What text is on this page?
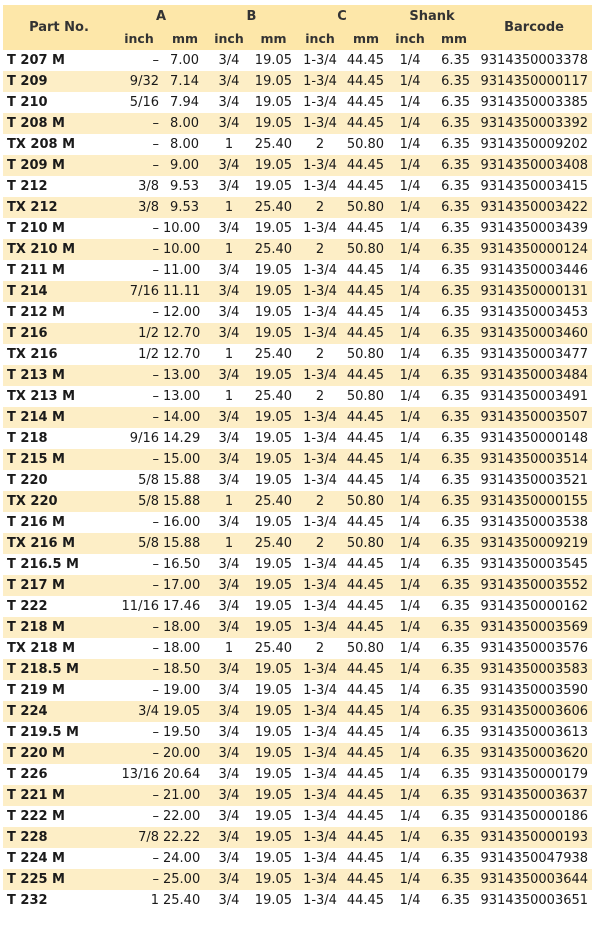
Part No.	A		B		C		Shank		Barcode
	inch	mm	inch	mm	inch	mm	inch	mm	
T 207 M	–	7.00	3/4	19.05	1-3/4	44.45	1/4	6.35	9314350003378
T 209	9/32	7.14	3/4	19.05	1-3/4	44.45	1/4	6.35	9314350000117
T 210	5/16	7.94	3/4	19.05	1-3/4	44.45	1/4	6.35	9314350003385
T 208 M	–	8.00	3/4	19.05	1-3/4	44.45	1/4	6.35	9314350003392
TX 208 M	–	8.00	1	25.40	2	50.80	1/4	6.35	9314350009202
T 209 M	–	9.00	3/4	19.05	1-3/4	44.45	1/4	6.35	9314350003408
T 212	3/8	9.53	3/4	19.05	1-3/4	44.45	1/4	6.35	9314350003415
TX 212	3/8	9.53	1	25.40	2	50.80	1/4	6.35	9314350003422
T 210 M	–	10.00	3/4	19.05	1-3/4	44.45	1/4	6.35	9314350003439
TX 210 M	–	10.00	1	25.40	2	50.80	1/4	6.35	9314350000124
T 211 M	–	11.00	3/4	19.05	1-3/4	44.45	1/4	6.35	9314350003446
T 214	7/16	11.11	3/4	19.05	1-3/4	44.45	1/4	6.35	9314350000131
T 212 M	–	12.00	3/4	19.05	1-3/4	44.45	1/4	6.35	9314350003453
T 216	1/2	12.70	3/4	19.05	1-3/4	44.45	1/4	6.35	9314350003460
TX 216	1/2	12.70	1	25.40	2	50.80	1/4	6.35	9314350003477
T 213 M	–	13.00	3/4	19.05	1-3/4	44.45	1/4	6.35	9314350003484
TX 213 M	–	13.00	1	25.40	2	50.80	1/4	6.35	9314350003491
T 214 M	–	14.00	3/4	19.05	1-3/4	44.45	1/4	6.35	9314350003507
T 218	9/16	14.29	3/4	19.05	1-3/4	44.45	1/4	6.35	9314350000148
T 215 M	–	15.00	3/4	19.05	1-3/4	44.45	1/4	6.35	9314350003514
T 220	5/8	15.88	3/4	19.05	1-3/4	44.45	1/4	6.35	9314350003521
TX 220	5/8	15.88	1	25.40	2	50.80	1/4	6.35	9314350000155
T 216 M	–	16.00	3/4	19.05	1-3/4	44.45	1/4	6.35	9314350003538
TX 216 M	5/8	15.88	1	25.40	2	50.80	1/4	6.35	9314350009219
T 216.5 M	–	16.50	3/4	19.05	1-3/4	44.45	1/4	6.35	9314350003545
T 217 M	–	17.00	3/4	19.05	1-3/4	44.45	1/4	6.35	9314350003552
T 222	11/16	17.46	3/4	19.05	1-3/4	44.45	1/4	6.35	9314350000162
T 218 M	–	18.00	3/4	19.05	1-3/4	44.45	1/4	6.35	9314350003569
TX 218 M	–	18.00	1	25.40	2	50.80	1/4	6.35	9314350003576
T 218.5 M	–	18.50	3/4	19.05	1-3/4	44.45	1/4	6.35	9314350003583
T 219 M	–	19.00	3/4	19.05	1-3/4	44.45	1/4	6.35	9314350003590
T 224	3/4	19.05	3/4	19.05	1-3/4	44.45	1/4	6.35	9314350003606
T 219.5 M	–	19.50	3/4	19.05	1-3/4	44.45	1/4	6.35	9314350003613
T 220 M	–	20.00	3/4	19.05	1-3/4	44.45	1/4	6.35	9314350003620
T 226	13/16	20.64	3/4	19.05	1-3/4	44.45	1/4	6.35	9314350000179
T 221 M	–	21.00	3/4	19.05	1-3/4	44.45	1/4	6.35	9314350003637
T 222 M	–	22.00	3/4	19.05	1-3/4	44.45	1/4	6.35	9314350000186
T 228	7/8	22.22	3/4	19.05	1-3/4	44.45	1/4	6.35	9314350000193
T 224 M	–	24.00	3/4	19.05	1-3/4	44.45	1/4	6.35	9314350047938
T 225 M	–	25.00	3/4	19.05	1-3/4	44.45	1/4	6.35	9314350003644
T 232	1	25.40	3/4	19.05	1-3/4	44.45	1/4	6.35	9314350003651
